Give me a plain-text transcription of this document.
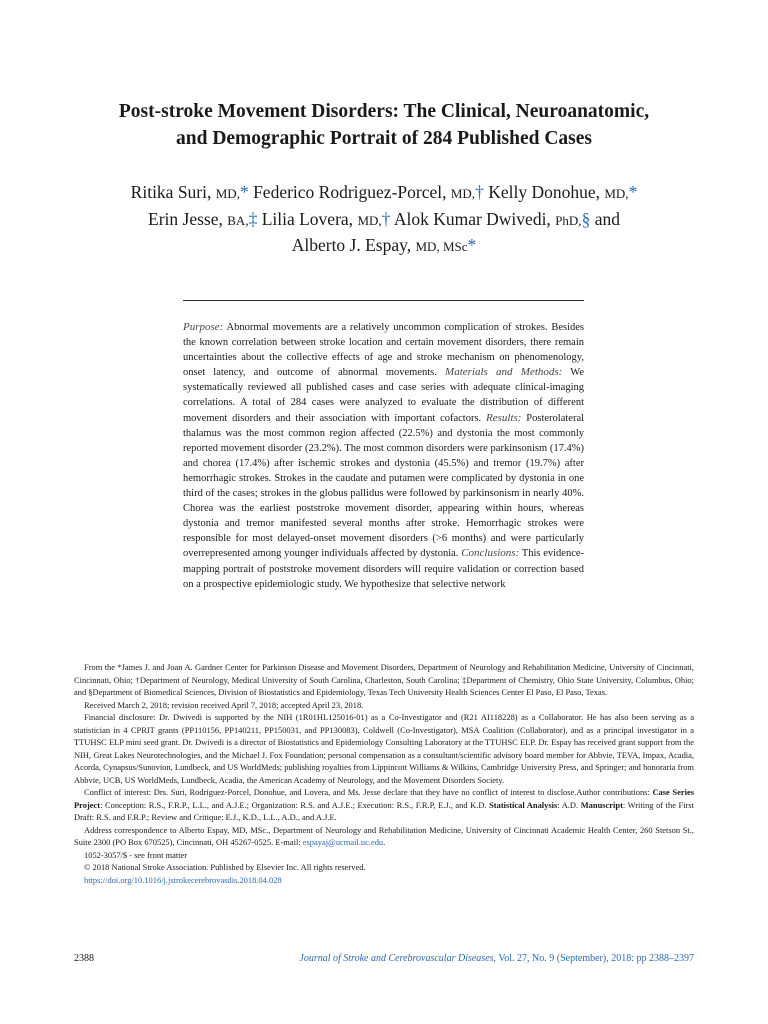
Post-stroke Movement Disorders: The Clinical, Neuroanatomic,
and Demographic Portrait of 284 Published Cases
Ritika Suri, MD,* Federico Rodriguez-Porcel, MD,† Kelly Donohue, MD,*
Erin Jesse, BA,‡ Lilia Lovera, MD,† Alok Kumar Dwivedi, PhD,§ and
Alberto J. Espay, MD, MSc*

Purpose: Abnormal movements are a relatively uncommon complication of strokes. Besides the known correlation between stroke location and certain movement disorders, there remain uncertainties about the collective effects of age and stroke mechanism on phenomenology, onset latency, and outcome of abnormal movements. Materials and Methods: We systematically reviewed all published cases and case series with adequate clinical-imaging correlations. A total of 284 cases were analyzed to evaluate the distribution of different movement disorders and their association with important cofactors. Results: Posterolateral thalamus was the most common region affected (22.5%) and dystonia the most commonly reported movement disorder (23.2%). The most common disorders were parkinsonism (17.4%) and chorea (17.4%) after ischemic strokes and dystonia (45.5%) and tremor (19.7%) after hemorrhagic strokes. Strokes in the caudate and putamen were complicated by dystonia in one third of the cases; strokes in the globus pallidus were followed by parkinsonism in nearly 40%. Chorea was the earliest poststroke movement disorder, appearing within hours, whereas dystonia and tremor manifested several months after stroke. Hemorrhagic strokes were responsible for most delayed-onset movement disorders (>6 months) and were particularly overrepresented among younger individuals affected by dystonia. Conclusions: This evidence-mapping portrait of poststroke movement disorders will require validation or correction based on a prospective epidemiologic study. We hypothesize that selective network

From the *James J. and Joan A. Gardner Center for Parkinson Disease and Movement Disorders, Department of Neurology and Rehabilitation Medicine, University of Cincinnati, Cincinnati, Ohio; †Department of Neurology, Medical University of South Carolina, Charleston, South Carolina; ‡Department of Chemistry, Ohio State University, Columbus, Ohio; and §Department of Biomedical Sciences, Division of Biostatistics and Epidemiology, Texas Tech University Health Sciences Center El Paso, El Paso, Texas.

Received March 2, 2018; revision received April 7, 2018; accepted April 23, 2018.

Financial disclosure: Dr. Dwivedi is supported by the NIH (1R01HL125016-01) as a Co-Investigator and (R21 AI118228) as a Collaborator. He has also been serving as a statistician in 4 CPRIT grants (PP110156, PP140211, PP150031, and PP130083), Coldwell (Co-Investigator), MSA Coalition (Collaborator), and as a principal investigator in a TTUHSC ELP mini seed grant. Dr. Dwivedi is a director of Biostatistics and Epidemiology Consulting Laboratory at the TTUHSC ELP. Dr. Espay has received grant support from the NIH, Great Lakes Neurotechnologies, and the Michael J. Fox Foundation; personal compensation as a consultant/scientific advisory board member for Abbvie, TEVA, Impax, Acadia, Acorda, Cynapsus/Sunovion, Lundbeck, and US WorldMeds; publishing royalties from Lippincott Williams & Wilkins, Cambridge University Press, and Springer; and honoraria from Abbvie, UCB, US WorldMeds, Lundbeck, Acadia, the American Academy of Neurology, and the Movement Disorders Society.

Conflict of interest: Drs. Suri, Rodriguez-Porcel, Donohue, and Lovera, and Ms. Jesse declare that they have no conflict of interest to disclose.Author contributions: Case Series Project: Conception: R.S., F.R.P., L.L., and A.J.E.; Organization: R.S. and A.J.E.; Execution: R.S., F.R.P, E.J., and K.D. Statistical Analysis: A.D. Manuscript: Writing of the First Draft: R.S. and F.R.P.; Review and Critique: E.J., K.D., L.L., A.D., and A.J.E.

Address correspondence to Alberto Espay, MD, MSc., Department of Neurology and Rehabilitation Medicine, University of Cincinnati Academic Health Center, 260 Stetson St., Suite 2300 (PO Box 670525), Cincinnati, OH 45267-0525. E-mail: espayaj@ucmail.uc.edu.

1052-3057/$ - see front matter

© 2018 National Stroke Association. Published by Elsevier Inc. All rights reserved.

https://doi.org/10.1016/j.jstrokecerebrovasdis.2018.04.028

2388	Journal of Stroke and Cerebrovascular Diseases, Vol. 27, No. 9 (September), 2018: pp 2388–2397
